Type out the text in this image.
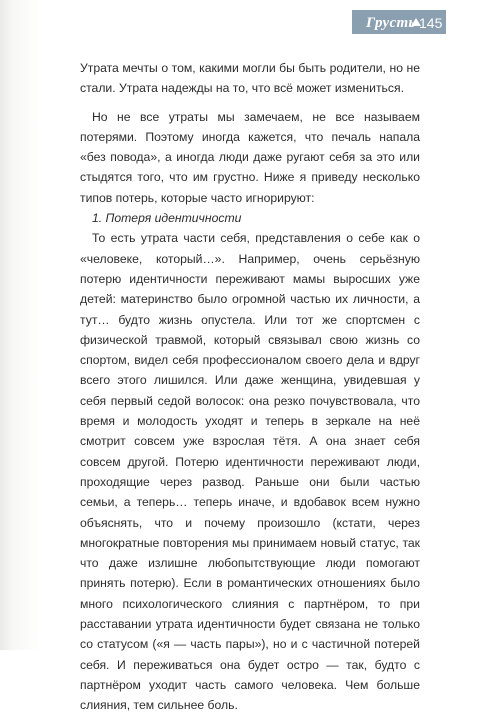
Грусть 145

Утрата мечты о том, какими могли бы быть родители, но не стали. Утрата надежды на то, что всё может измениться.

Но не все утраты мы замечаем, не все называем потерями. Поэтому иногда кажется, что печаль напала «без повода», а иногда люди даже ругают себя за это или стыдятся того, что им грустно. Ниже я приведу несколько типов потерь, которые часто игнорируют:

1. Потеря идентичности

То есть утрата части себя, представления о себе как о «человеке, который…». Например, очень серьёзную потерю идентичности переживают мамы выросших уже детей: материнство было огромной частью их личности, а тут… будто жизнь опустела. Или тот же спортсмен с физической травмой, который связывал свою жизнь со спортом, видел себя профессионалом своего дела и вдруг всего этого лишился. Или даже женщина, увидевшая у себя первый седой волосок: она резко почувствовала, что время и молодость уходят и теперь в зеркале на неё смотрит совсем уже взрослая тётя. А она знает себя совсем другой. Потерю идентичности переживают люди, проходящие через развод. Раньше они были частью семьи, а теперь… теперь иначе, и вдобавок всем нужно объяснять, что и почему произошло (кстати, через многократные повторения мы принимаем новый статус, так что даже излишне любопытствующие люди помогают принять потерю). Если в романтических отношениях было много психологического слияния с партнёром, то при расставании утрата идентичности будет связана не только со статусом («я — часть пары»), но и с частичной потерей себя. И переживаться она будет остро — так, будто с партнёром уходит часть самого человека. Чем больше слияния, тем сильнее боль.
